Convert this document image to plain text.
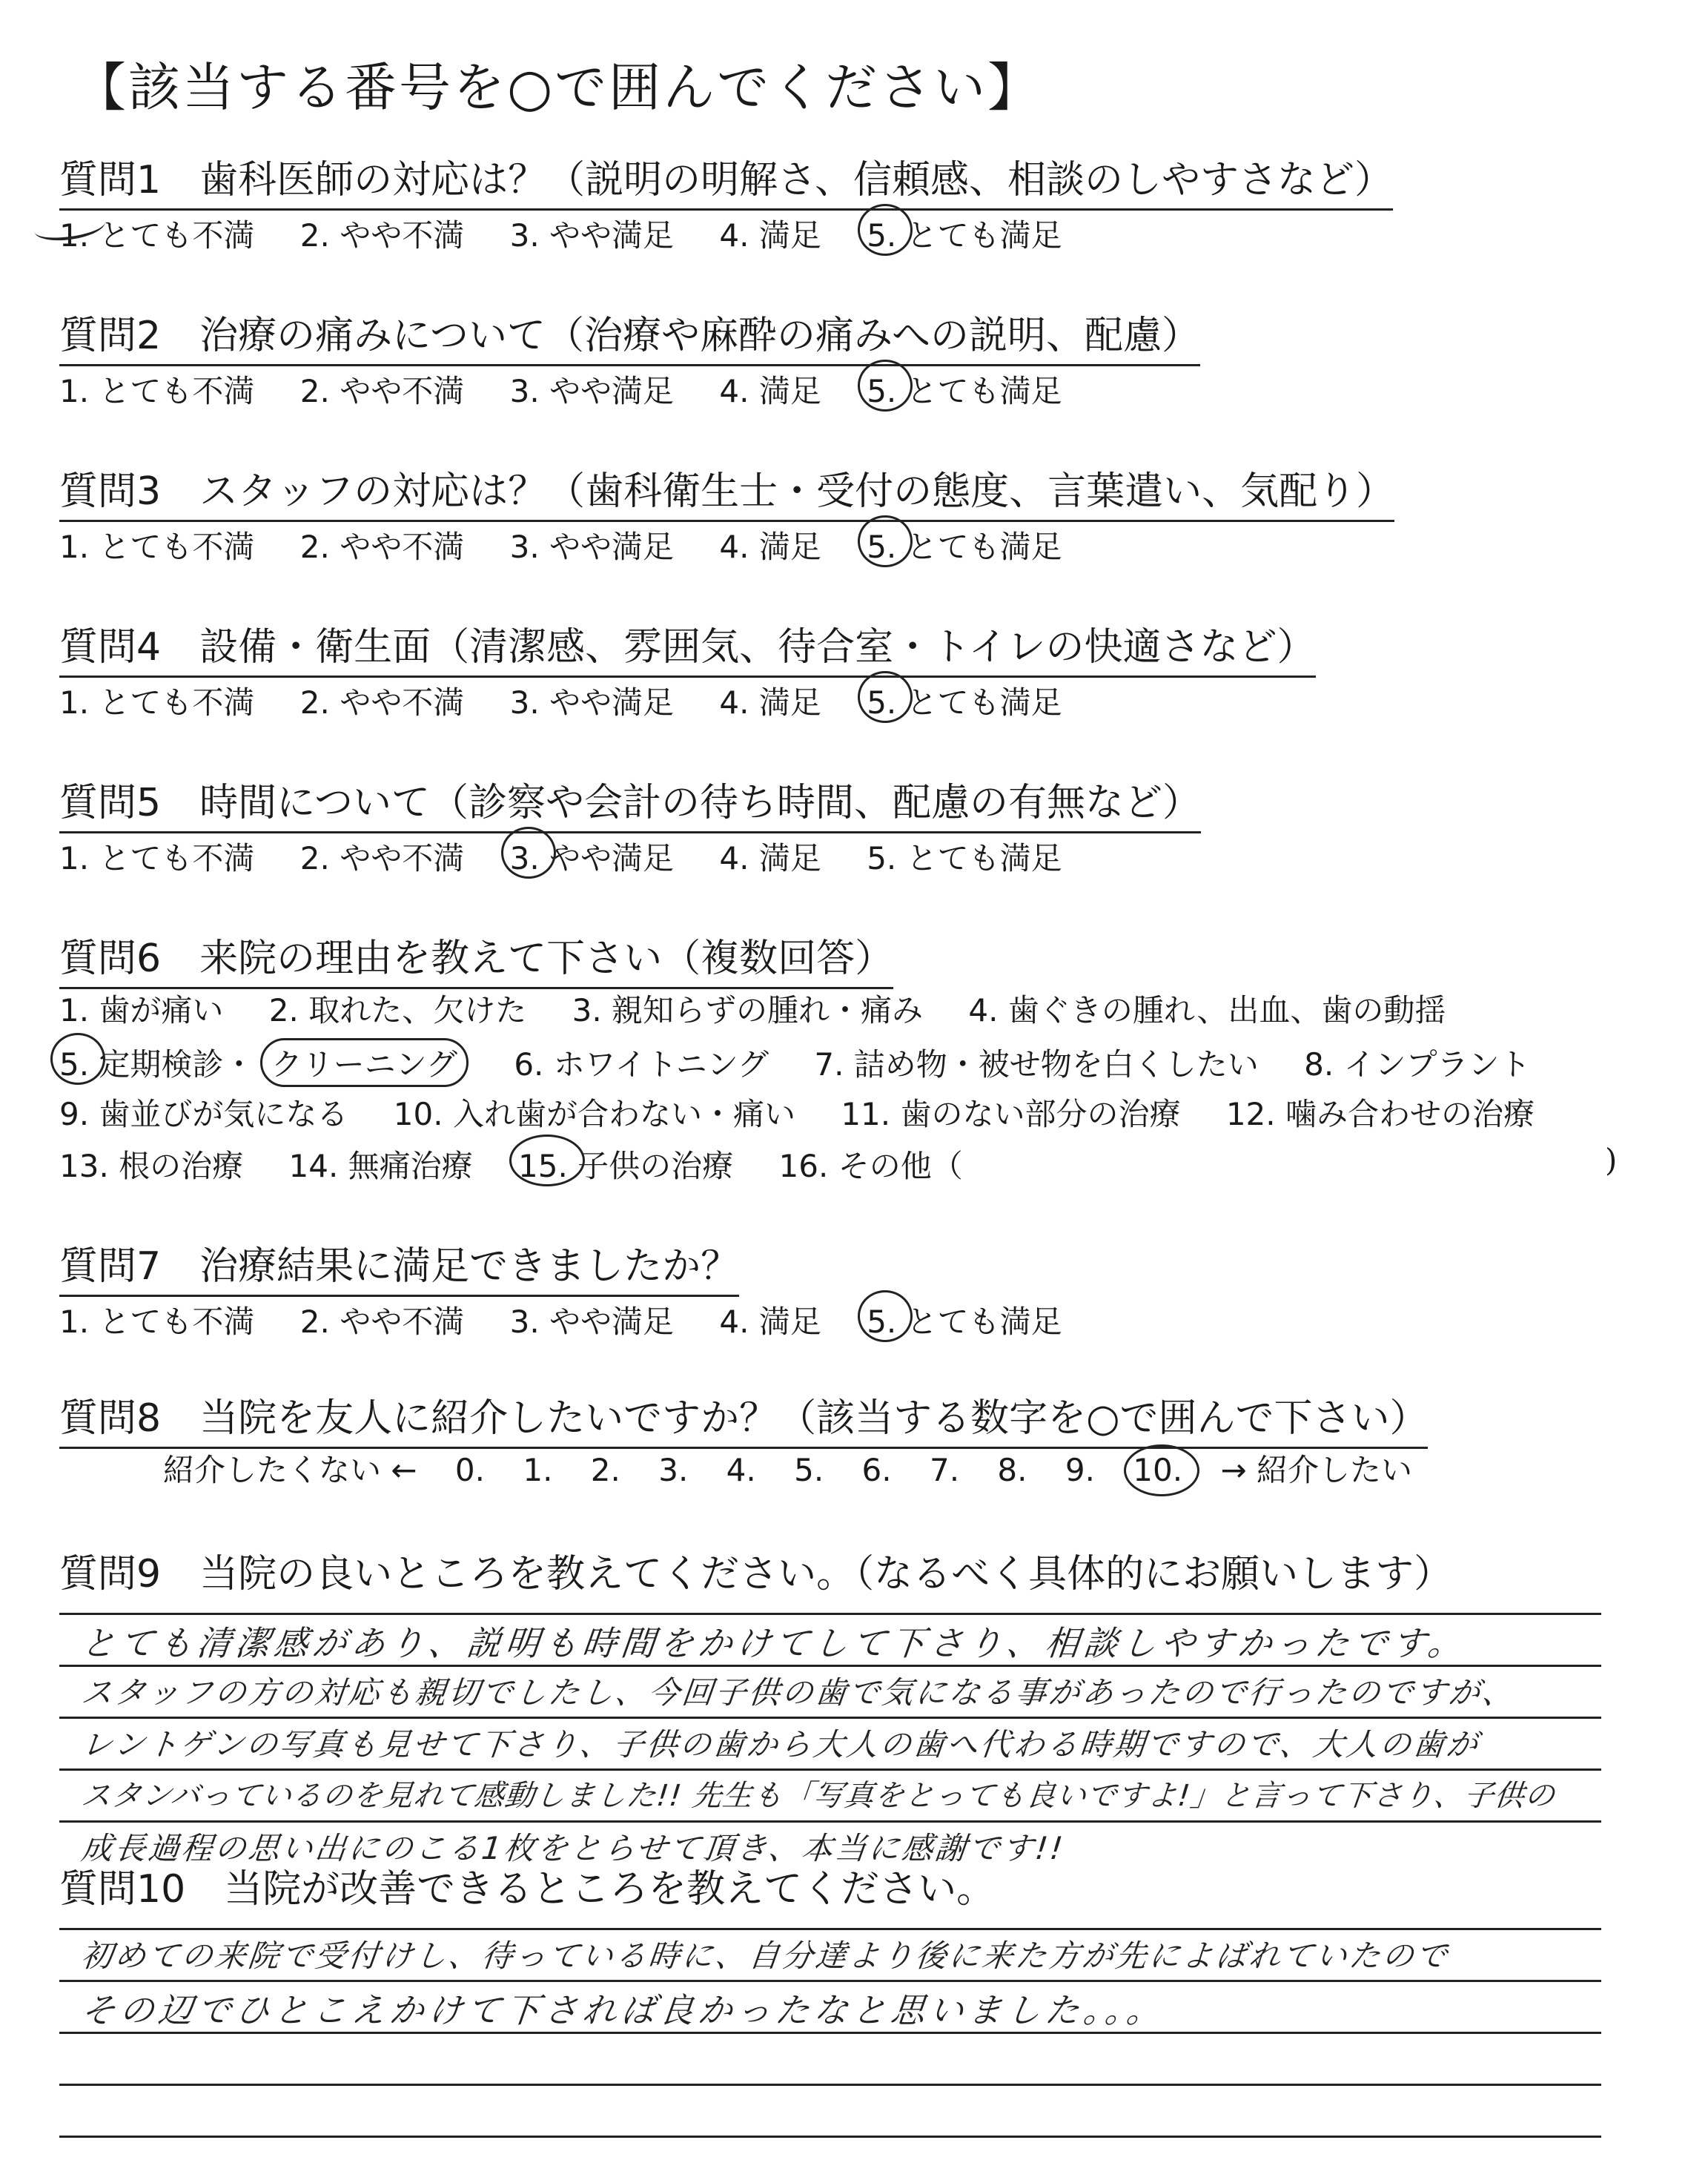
【該当する番号を○で囲んでください】
質問1　歯科医師の対応は？（説明の明解さ、信頼感、相談のしやすさなど）
1. とても不満 2. やや不満 3. やや満足 4. 満足 5. とても満足
質問2　治療の痛みについて（治療や麻酔の痛みへの説明、配慮）
1. とても不満 2. やや不満 3. やや満足 4. 満足 5. とても満足
質問3　スタッフの対応は？（歯科衛生士・受付の態度、言葉遣い、気配り）
1. とても不満 2. やや不満 3. やや満足 4. 満足 5. とても満足
質問4　設備・衛生面（清潔感、雰囲気、待合室・トイレの快適さなど）
1. とても不満 2. やや不満 3. やや満足 4. 満足 5. とても満足
質問5　時間について（診察や会計の待ち時間、配慮の有無など）
1. とても不満 2. やや不満 3. やや満足 4. 満足 5. とても満足
質問6　来院の理由を教えて下さい（複数回答）
1. 歯が痛い 2. 取れた、欠けた 3. 親知らずの腫れ・痛み 4. 歯ぐきの腫れ、出血、歯の動揺
5. 定期検診・ クリーニング 6. ホワイトニング 7. 詰め物・被せ物を白くしたい 8. インプラント
9. 歯並びが気になる 10. 入れ歯が合わない・痛い 11. 歯のない部分の治療 12. 噛み合わせの治療
13. 根の治療 14. 無痛治療 15. 子供の治療 16. その他（	)
質問7　治療結果に満足できましたか？
1. とても不満 2. やや不満 3. やや満足 4. 満足 5. とても満足
質問8　当院を友人に紹介したいですか？（該当する数字を○で囲んで下さい）
紹介したくない ← 0. 1. 2. 3. 4. 5. 6. 7. 8. 9. 10. → 紹介したい
質問9　当院の良いところを教えてください。（なるべく具体的にお願いします）
とても清潔感があり、説明も時間をかけてして下さり、相談しやすかったです。
スタッフの方の対応も親切でしたし、今回子供の歯で気になる事があったので行ったのですが、
レントゲンの写真も見せて下さり、子供の歯から大人の歯へ代わる時期ですので、大人の歯が
スタンバっているのを見れて感動しました!! 先生も「写真をとっても良いですよ!」と言って下さり、子供の
成長過程の思い出にのこる1枚をとらせて頂き、本当に感謝です!!
質問10　当院が改善できるところを教えてください。
初めての来院で受付けし、待っている時に、自分達より後に来た方が先によばれていたので
その辺でひとこえかけて下されば良かったなと思いました。。。
